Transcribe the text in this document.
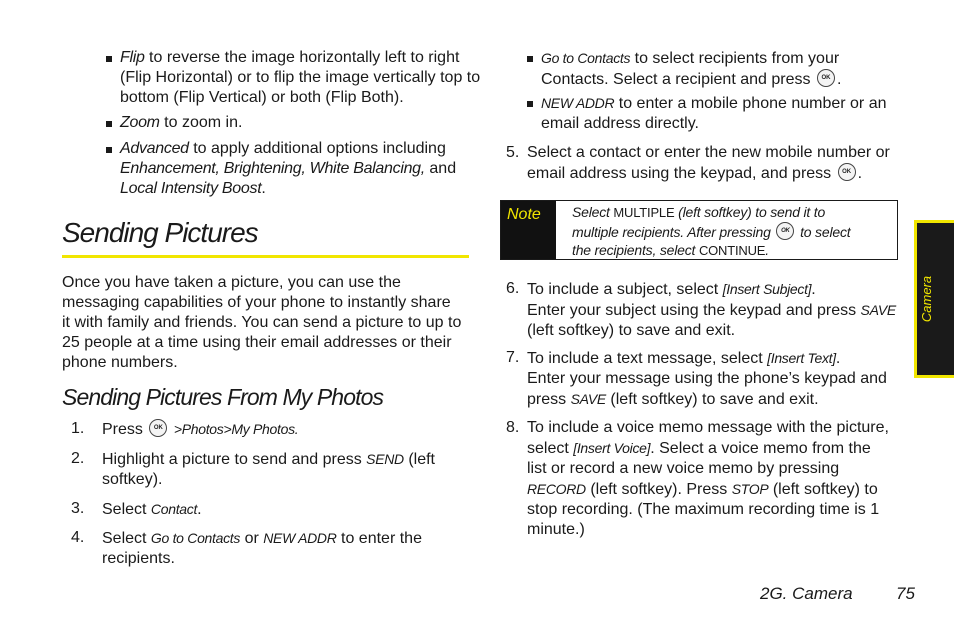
Flip to reverse the image horizontally left to right
(Flip Horizontal) or to flip the image vertically top to
bottom (Flip Vertical) or both (Flip Both).
Zoom to zoom in.
Advanced to apply additional options including
Enhancement, Brightening, White Balancing, and
Local Intensity Boost.
Sending Pictures
Once you have taken a picture, you can use the
messaging capabilities of your phone to instantly share
it with family and friends. You can send a picture to up to
25 people at a time using their email addresses or their
phone numbers.
Sending Pictures From My Photos
1.	Press OK >Photos>My Photos.
2.	Highlight a picture to send and press SEND (left
softkey).
3.	Select Contact.
4.	Select Go to Contacts or NEW ADDR to enter the
recipients.
Go to Contacts to select recipients from your
Contacts. Select a recipient and press OK .
NEW ADDR to enter a mobile phone number or an
email address directly.
5. Select a contact or enter the new mobile number or
email address using the keypad, and press OK .
Note	Select MULTIPLE (left softkey) to send it to
multiple recipients. After pressing OK to select
the recipients, select CONTINUE.
6. To include a subject, select [Insert Subject].
Enter your subject using the keypad and press SAVE
(left softkey) to save and exit.
7. To include a text message, select [Insert Text].
Enter your message using the phone’s keypad and
press SAVE (left softkey) to save and exit.
8. To include a voice memo message with the picture,
select [Insert Voice]. Select a voice memo from the
list or record a new voice memo by pressing
RECORD (left softkey). Press STOP (left softkey) to
stop recording. (The maximum recording time is 1
minute.)
Camera
2G. Camera	75
